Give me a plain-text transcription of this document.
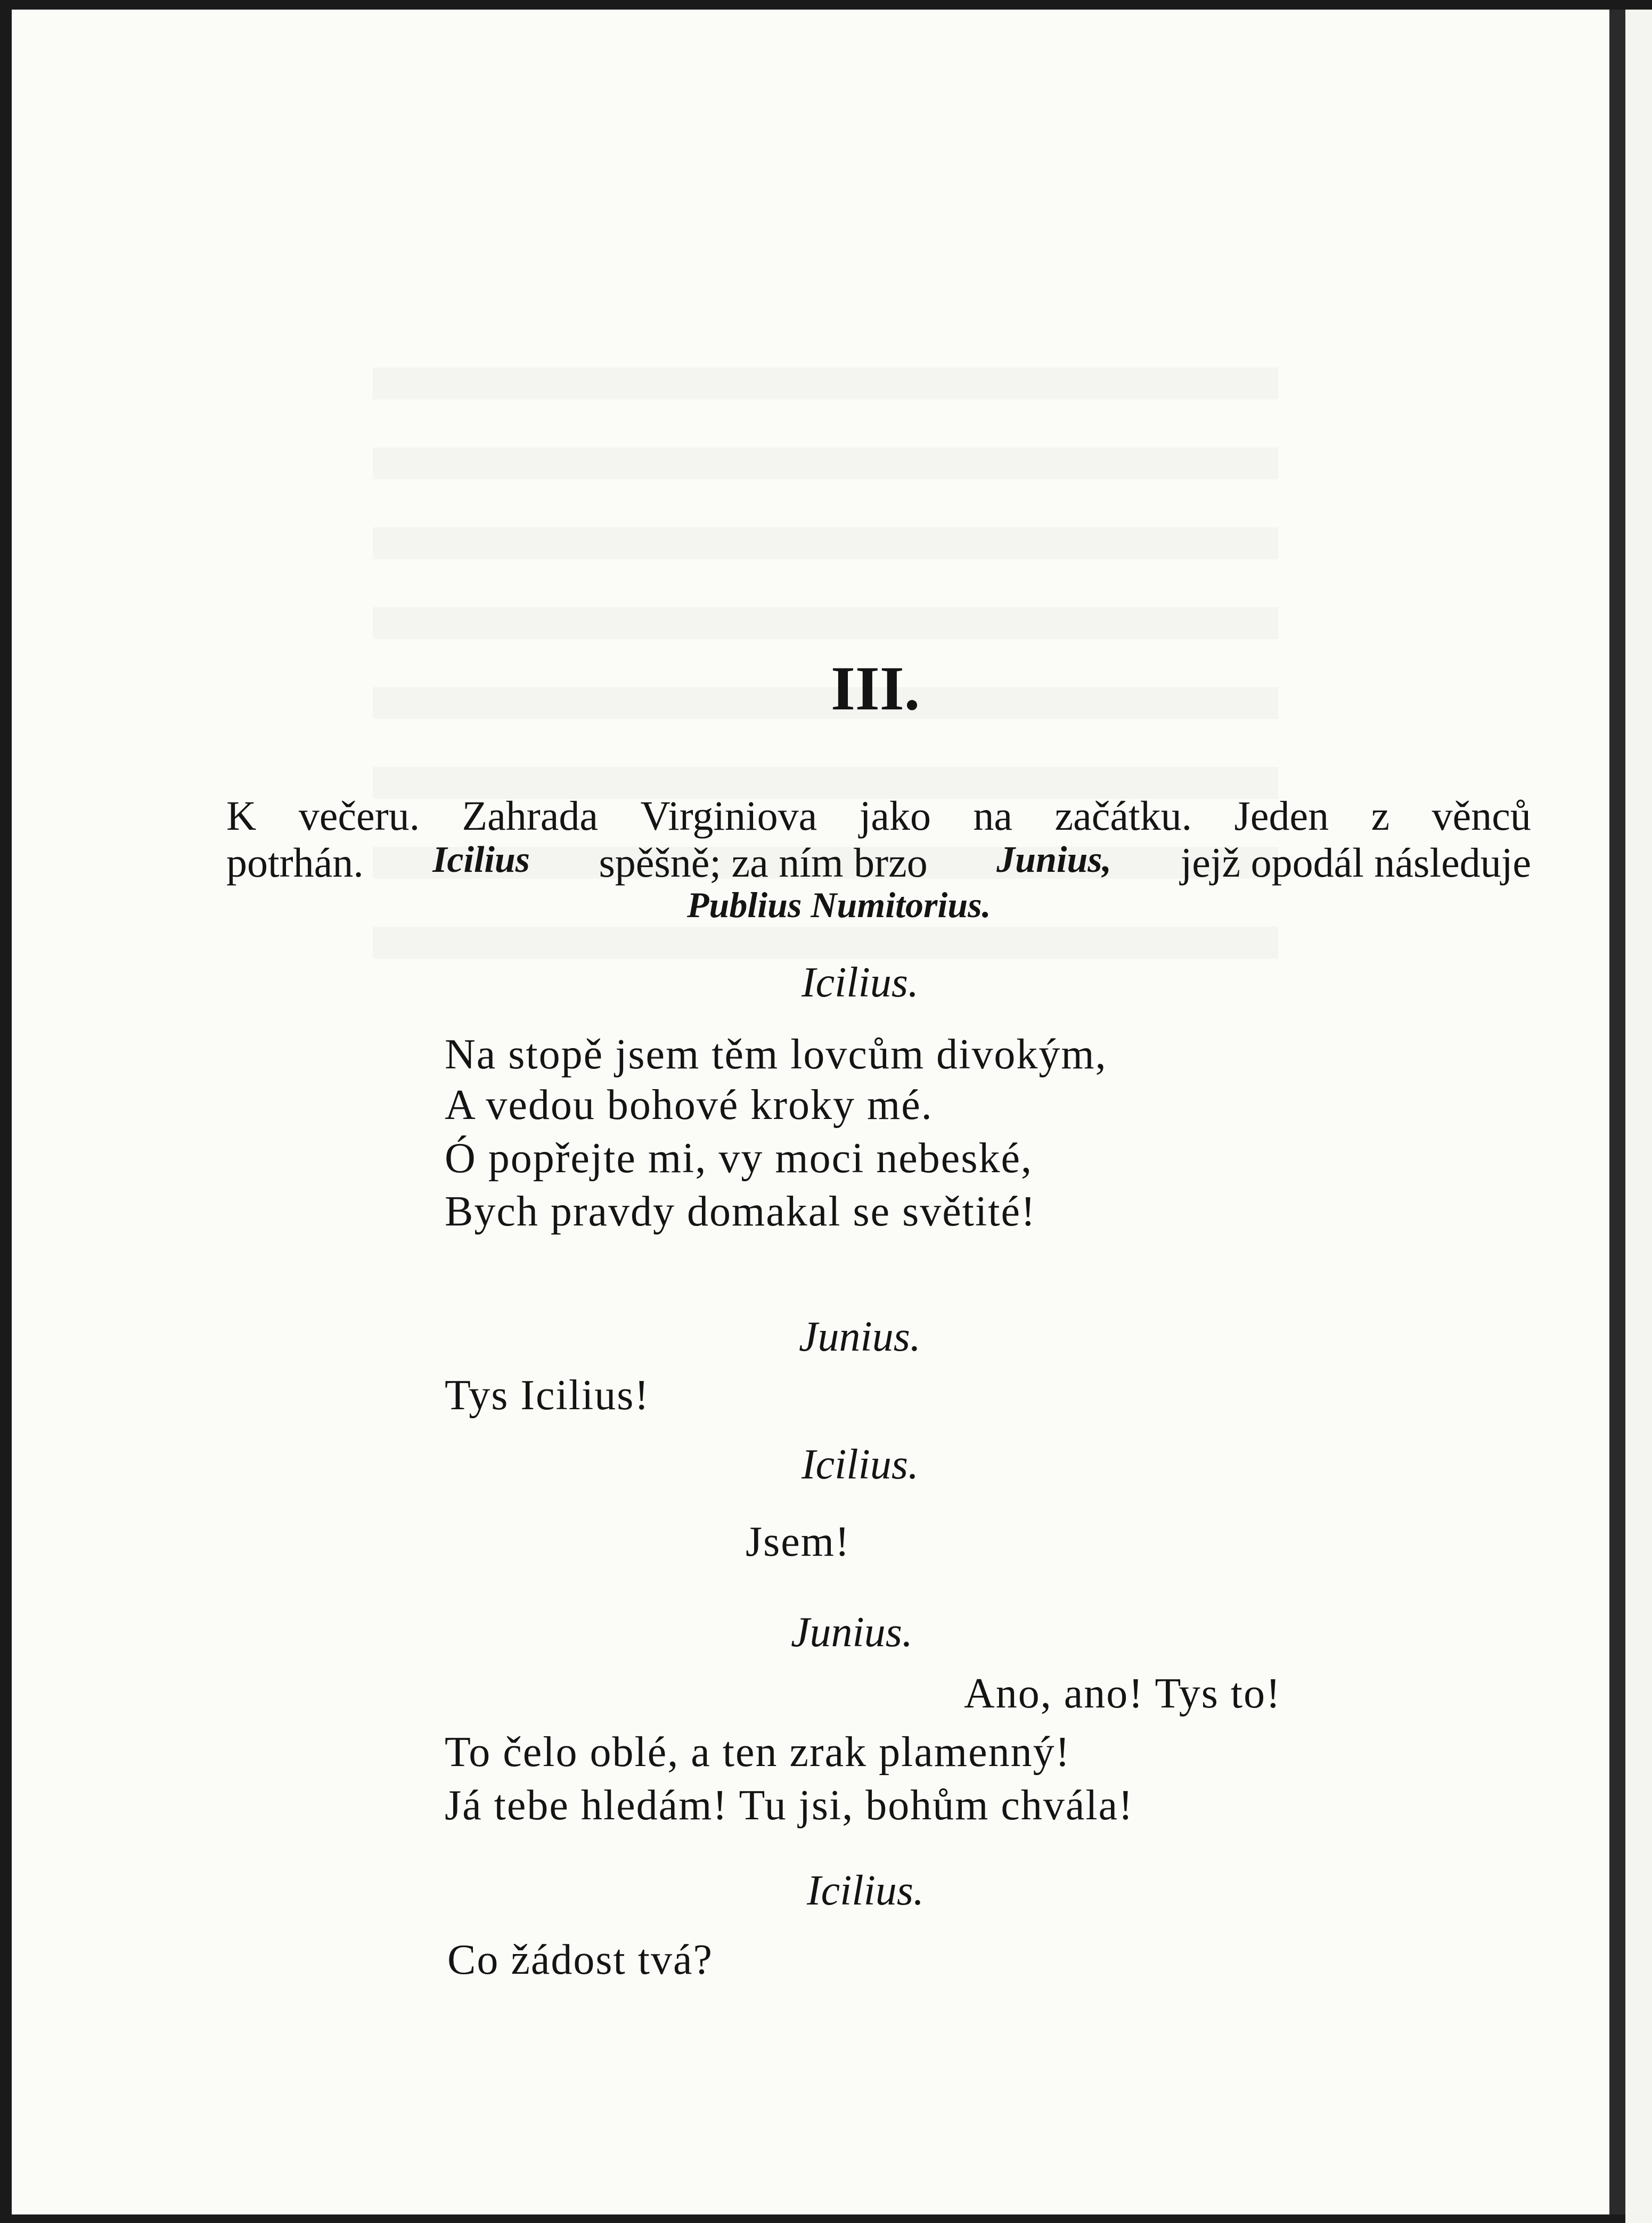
III.
K večeru. Zahrada Virginiova jako na začátku. Jeden z věnců
potrhán. Icilius spěšně; za ním brzo Junius, jejž opodál následuje
Publius Numitorius.
Icilius.
Na stopě jsem těm lovcům divokým,
A vedou bohové kroky mé.
Ó popřejte mi, vy moci nebeské,
Bych pravdy domakal se světité!
Junius.
Tys Icilius!
Icilius.
Jsem!
Junius.
Ano, ano! Tys to!
To čelo oblé, a ten zrak plamenný!
Já tebe hledám! Tu jsi, bohům chvála!
Icilius.
Co žádost tvá?
